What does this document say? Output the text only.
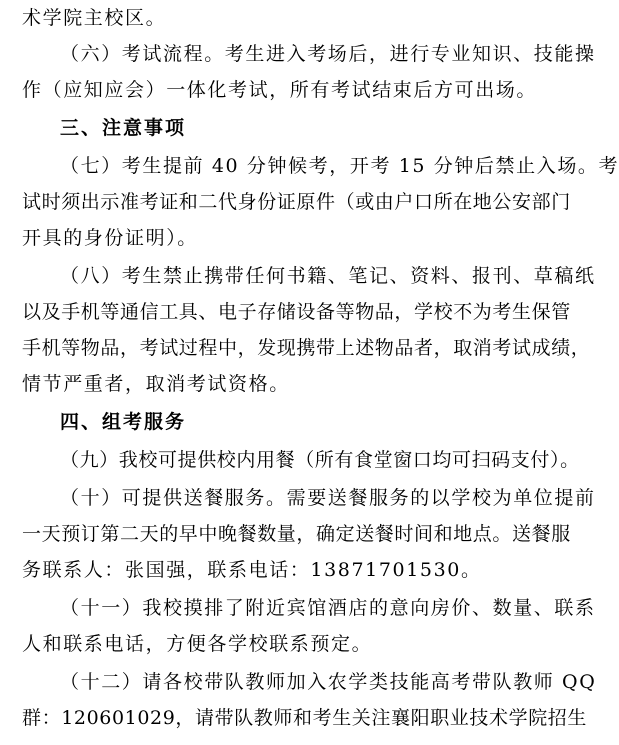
术学院主校区。
（六）考试流程。考生进入考场后，进行专业知识、技能操
作（应知应会）一体化考试，所有考试结束后方可出场。
三、注意事项
（七）考生提前 40 分钟候考，开考 15 分钟后禁止入场。考
试时须出示准考证和二代身份证原件（或由户口所在地公安部门
开具的身份证明）。
（八）考生禁止携带任何书籍、笔记、资料、报刊、草稿纸
以及手机等通信工具、电子存储设备等物品，学校不为考生保管
手机等物品，考试过程中，发现携带上述物品者，取消考试成绩，
情节严重者，取消考试资格。
四、组考服务
（九）我校可提供校内用餐（所有食堂窗口均可扫码支付）。
（十）可提供送餐服务。需要送餐服务的以学校为单位提前
一天预订第二天的早中晚餐数量，确定送餐时间和地点。送餐服
务联系人：张国强，联系电话：13871701530。
（十一）我校摸排了附近宾馆酒店的意向房价、数量、联系
人和联系电话，方便各学校联系预定。
（十二）请各校带队教师加入农学类技能高考带队教师 QQ
群：120601029，请带队教师和考生关注襄阳职业技术学院招生
